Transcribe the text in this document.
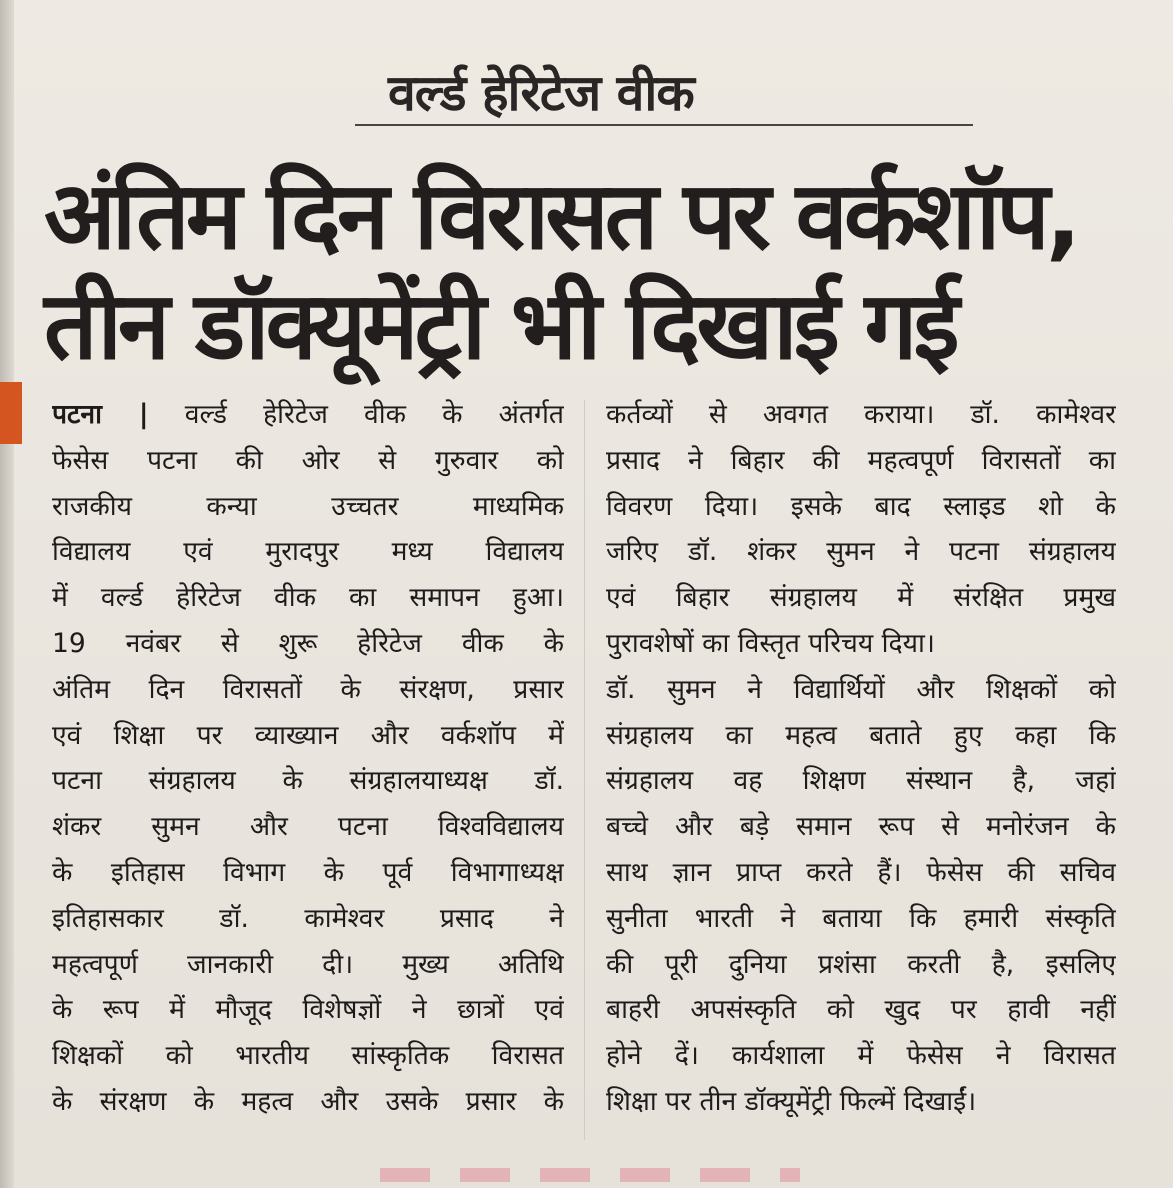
वर्ल्ड हेरिटेज वीक
अंतिम दिन विरासत पर वर्कशॉप,
तीन डॉक्यूमेंट्री भी दिखाई गई
पटना | वर्ल्ड हेरिटेज वीक के अंतर्गत
फेसेस पटना की ओर से गुरुवार को
राजकीय कन्या उच्चतर माध्यमिक
विद्यालय एवं मुरादपुर मध्य विद्यालय
में वर्ल्ड हेरिटेज वीक का समापन हुआ।
19 नवंबर से शुरू हेरिटेज वीक के
अंतिम दिन विरासतों के संरक्षण, प्रसार
एवं शिक्षा पर व्याख्यान और वर्कशॉप में
पटना संग्रहालय के संग्रहालयाध्यक्ष डॉ.
शंकर सुमन और पटना विश्वविद्यालय
के इतिहास विभाग के पूर्व विभागाध्यक्ष
इतिहासकार डॉ. कामेश्वर प्रसाद ने
महत्वपूर्ण जानकारी दी। मुख्य अतिथि
के रूप में मौजूद विशेषज्ञों ने छात्रों एवं
शिक्षकों को भारतीय सांस्कृतिक विरासत
के संरक्षण के महत्व और उसके प्रसार के
कर्तव्यों से अवगत कराया। डॉ. कामेश्वर
प्रसाद ने बिहार की महत्वपूर्ण विरासतों का
विवरण दिया। इसके बाद स्लाइड शो के
जरिए डॉ. शंकर सुमन ने पटना संग्रहालय
एवं बिहार संग्रहालय में संरक्षित प्रमुख
पुरावशेषों का विस्तृत परिचय दिया।
डॉ. सुमन ने विद्यार्थियों और शिक्षकों को
संग्रहालय का महत्व बताते हुए कहा कि
संग्रहालय वह शिक्षण संस्थान है, जहां
बच्चे और बड़े समान रूप से मनोरंजन के
साथ ज्ञान प्राप्त करते हैं। फेसेस की सचिव
सुनीता भारती ने बताया कि हमारी संस्कृति
की पूरी दुनिया प्रशंसा करती है, इसलिए
बाहरी अपसंस्कृति को खुद पर हावी नहीं
होने दें। कार्यशाला में फेसेस ने विरासत
शिक्षा पर तीन डॉक्यूमेंट्री फिल्में दिखाईं।
